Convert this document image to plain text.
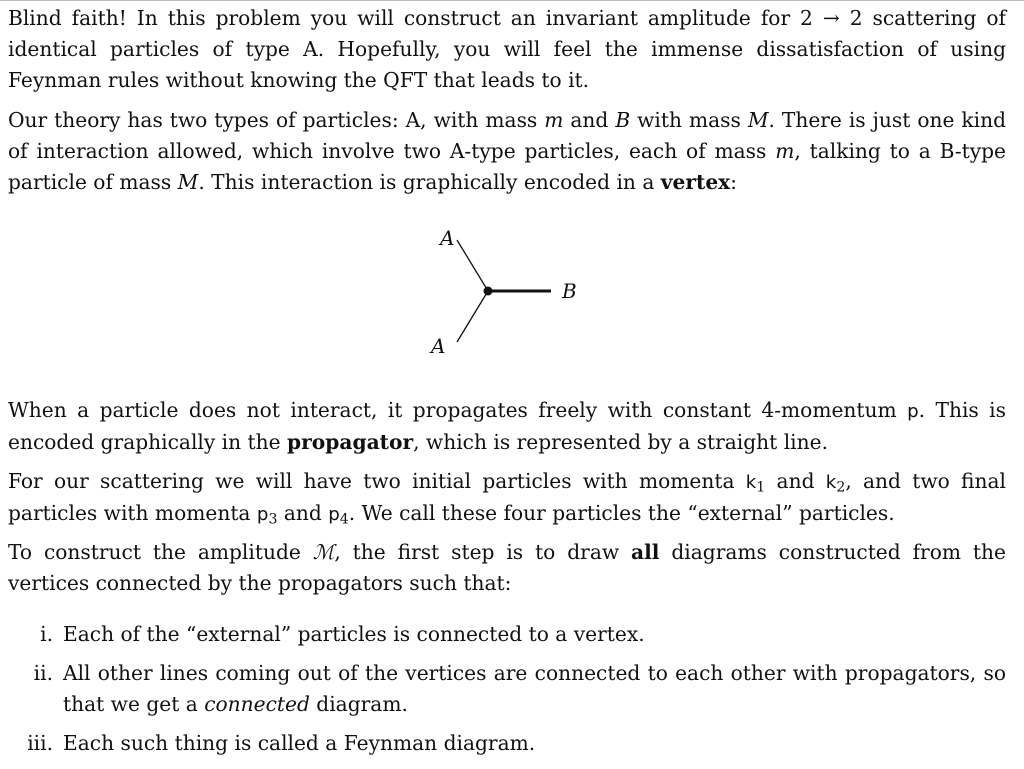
Blind faith! In this problem you will construct an invariant amplitude for 2 → 2 scattering of identical particles of type A. Hopefully, you will feel the immense dissatisfaction of using Feynman rules without knowing the QFT that leads to it.

Our theory has two types of particles: A, with mass m and B with mass M. There is just one kind of interaction allowed, which involve two A-type particles, each of mass m, talking to a B-type particle of mass M. This interaction is graphically encoded in a vertex:

A
A
B

When a particle does not interact, it propagates freely with constant 4-momentum p. This is encoded graphically in the propagator, which is represented by a straight line.

For our scattering we will have two initial particles with momenta $k_1$ and $k_2$, and two final particles with momenta $p_3$ and $p_4$. We call these four particles the “external” particles.

To construct the amplitude ℳ, the first step is to draw all diagrams constructed from the vertices connected by the propagators such that:

i. Each of the “external” particles is connected to a vertex.
ii. All other lines coming out of the vertices are connected to each other with propagators, so that we get a connected diagram.
iii. Each such thing is called a Feynman diagram.
